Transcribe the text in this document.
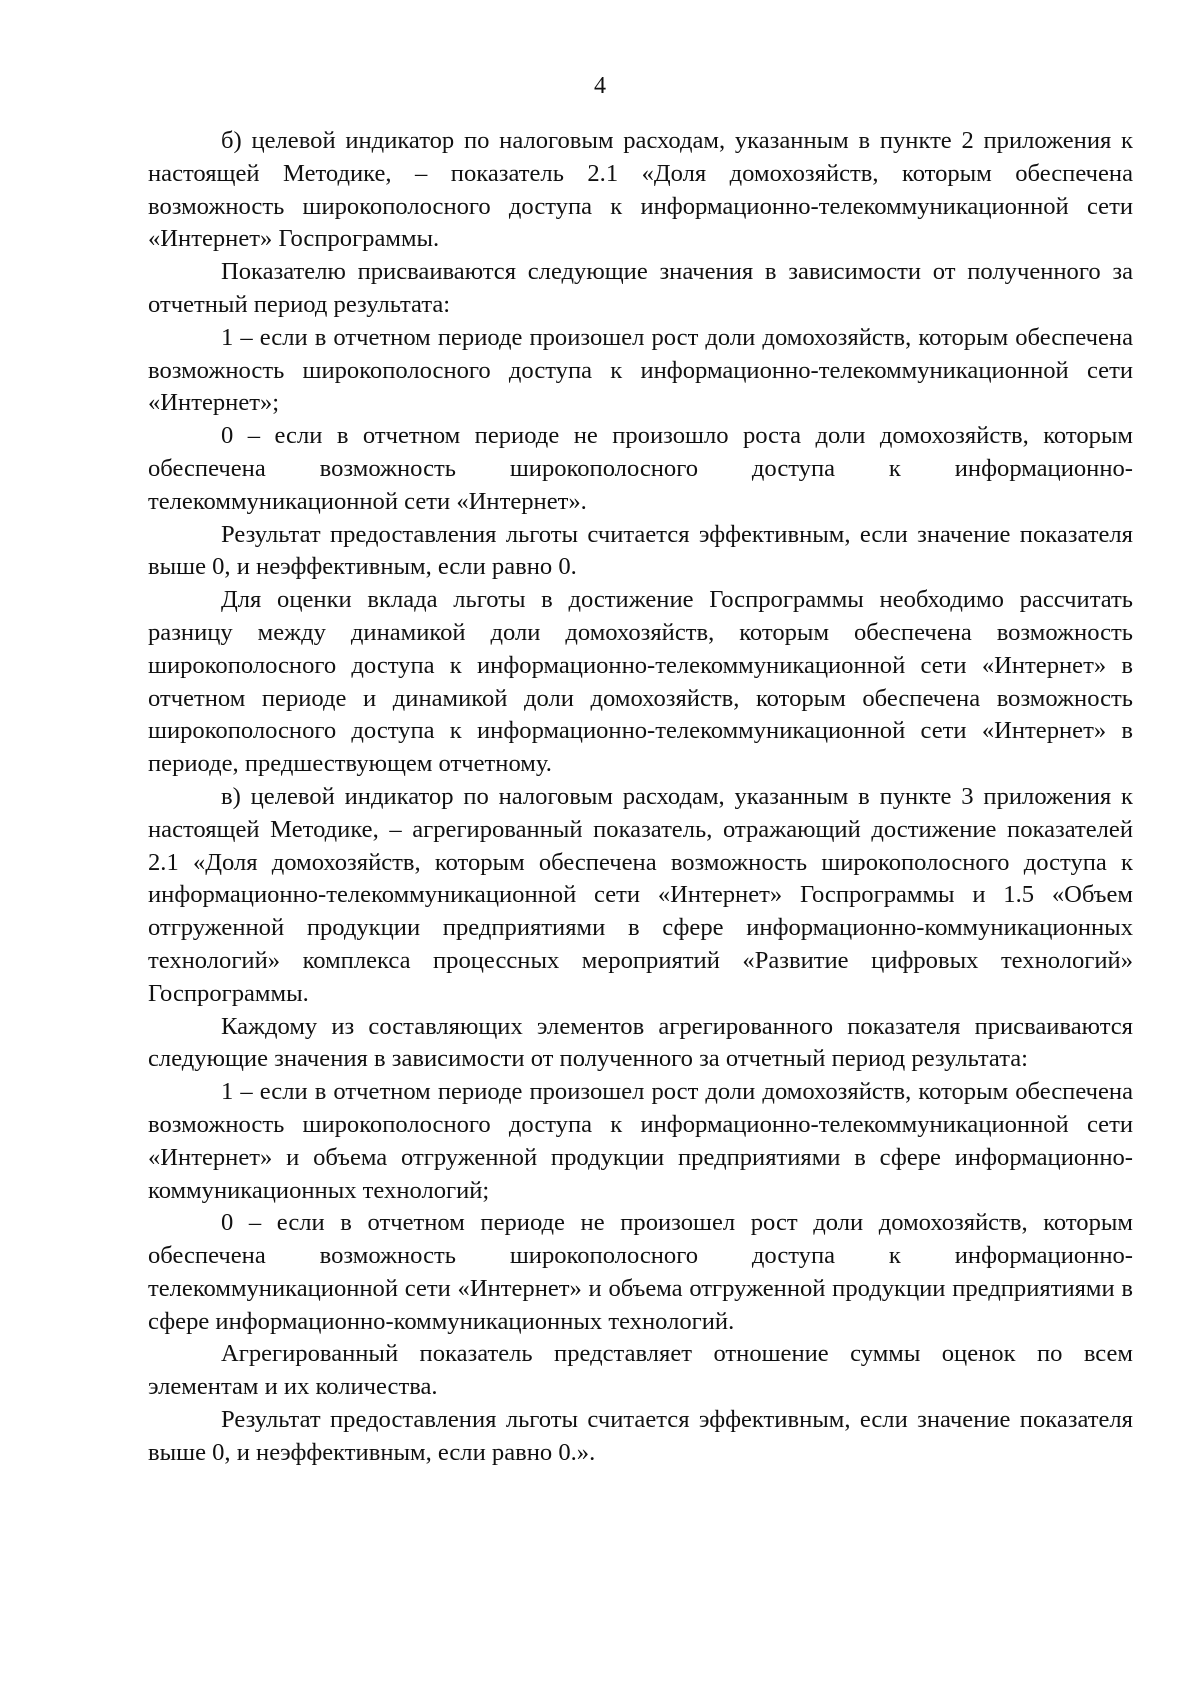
4

б) целевой индикатор по налоговым расходам, указанным в пункте 2 приложения к настоящей Методике, – показатель 2.1 «Доля домохозяйств, которым обеспечена возможность широкополосного доступа к информационно-телекоммуникационной сети «Интернет» Госпрограммы.

Показателю присваиваются следующие значения в зависимости от полученного за отчетный период результата:

1 – если в отчетном периоде произошел рост доли домохозяйств, которым обеспечена возможность широкополосного доступа к информационно-телекоммуникационной сети «Интернет»;

0 – если в отчетном периоде не произошло роста доли домохозяйств, которым обеспечена возможность широкополосного доступа к информационно-телекоммуникационной сети «Интернет».

Результат предоставления льготы считается эффективным, если значение показателя выше 0, и неэффективным, если равно 0.

Для оценки вклада льготы в достижение Госпрограммы необходимо рассчитать разницу между динамикой доли домохозяйств, которым обеспечена возможность широкополосного доступа к информационно-телекоммуникационной сети «Интернет» в отчетном периоде и динамикой доли домохозяйств, которым обеспечена возможность широкополосного доступа к информационно-телекоммуникационной сети «Интернет» в периоде, предшествующем отчетному.

в) целевой индикатор по налоговым расходам, указанным в пункте 3 приложения к настоящей Методике, – агрегированный показатель, отражающий достижение показателей 2.1 «Доля домохозяйств, которым обеспечена возможность широкополосного доступа к информационно-телекоммуникационной сети «Интернет» Госпрограммы и 1.5 «Объем отгруженной продукции предприятиями в сфере информационно-коммуникационных технологий» комплекса процессных мероприятий «Развитие цифровых технологий» Госпрограммы.

Каждому из составляющих элементов агрегированного показателя присваиваются следующие значения в зависимости от полученного за отчетный период результата:

1 – если в отчетном периоде произошел рост доли домохозяйств, которым обеспечена возможность широкополосного доступа к информационно-телекоммуникационной сети «Интернет» и объема отгруженной продукции предприятиями в сфере информационно-коммуникационных технологий;

0 – если в отчетном периоде не произошел рост доли домохозяйств, которым обеспечена возможность широкополосного доступа к информационно-телекоммуникационной сети «Интернет» и объема отгруженной продукции предприятиями в сфере информационно-коммуникационных технологий.

Агрегированный показатель представляет отношение суммы оценок по всем элементам и их количества.

Результат предоставления льготы считается эффективным, если значение показателя выше 0, и неэффективным, если равно 0.».
